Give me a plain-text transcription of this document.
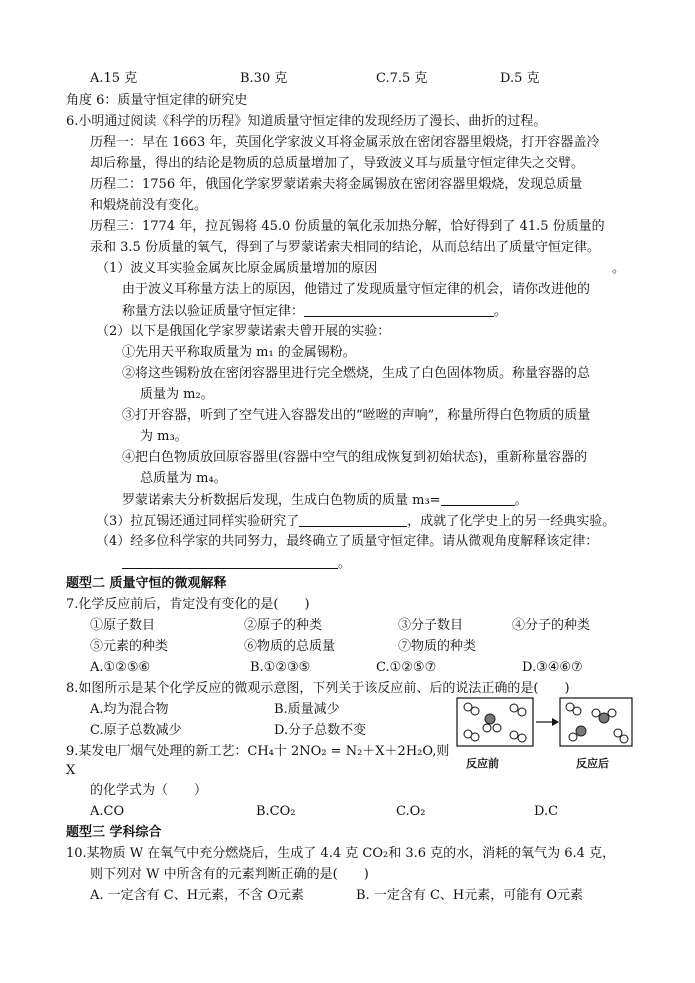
A.15 克	B.30 克	C.7.5 克	D.5 克
角度 6：质量守恒定律的研究史
6.小明通过阅读《科学的历程》知道质量守恒定律的发现经历了漫长、曲折的过程。
历程一：早在 1663 年，英国化学家波义耳将金属汞放在密闭容器里煅烧，打开容器盖冷
却后称量，得出的结论是物质的总质量增加了，导致波义耳与质量守恒定律失之交臂。
历程二：1756 年，俄国化学家罗蒙诺索夫将金属锡放在密闭容器里煅烧，发现总质量
和煅烧前没有变化。
历程三：1774 年，拉瓦锡将 45.0 份质量的氧化汞加热分解，恰好得到了 41.5 份质量的
汞和 3.5 份质量的氧气，得到了与罗蒙诺索夫相同的结论，从而总结出了质量守恒定律。
（1）波义耳实验金属灰比原金属质量增加的原因	。
由于波义耳称量方法上的原因，他错过了发现质量守恒定律的机会，请你改进他的
称量方法以验证质量守恒定律：	。
（2）以下是俄国化学家罗蒙诺索夫曾开展的实验：
①先用天平称取质量为 m₁ 的金属锡粉。
②将这些锡粉放在密闭容器里进行完全燃烧，生成了白色固体物质。称量容器的总
质量为 m₂。
③打开容器，听到了空气进入容器发出的“咝咝的声响”，称量所得白色物质的质量
为 m₃。
④把白色物质放回原容器里(容器中空气的组成恢复到初始状态)，重新称量容器的
总质量为 m₄。
罗蒙诺索夫分析数据后发现，生成白色物质的质量 m₃=	。
（3）拉瓦锡还通过同样实验研究了	，成就了化学史上的另一经典实验。
（4）经多位科学家的共同努力，最终确立了质量守恒定律。请从微观角度解释该定律：
。
题型二 质量守恒的微观解释
7.化学反应前后，肯定没有变化的是(　　)
①原子数目	②原子的种类	③分子数目	④分子的种类
⑤元素的种类	⑥物质的总质量	⑦物质的种类
A.①②⑤⑥	B.①②③⑤	C.①②⑤⑦	D.③④⑥⑦
8.如图所示是某个化学反应的微观示意图，下列关于该反应前、后的说法正确的是(　　)
A.均为混合物	B.质量减少
C.原子总数减少	D.分子总数不变
反应前	反应后
9.某发电厂烟气处理的新工艺：CH₄十 2NO₂ = N₂＋X＋2H₂O,则
X
的化学式为（　　）
A.CO	B.CO₂	C.O₂	D.C
题型三 学科综合
10.某物质 W 在氧气中充分燃烧后，生成了 4.4 克 CO₂和 3.6 克的水，消耗的氧气为 6.4 克，
则下列对 W 中所含有的元素判断正确的是(　　)
A. 一定含有 C、H元素，不含 O元素	B. 一定含有 C、H元素，可能有 O元素
